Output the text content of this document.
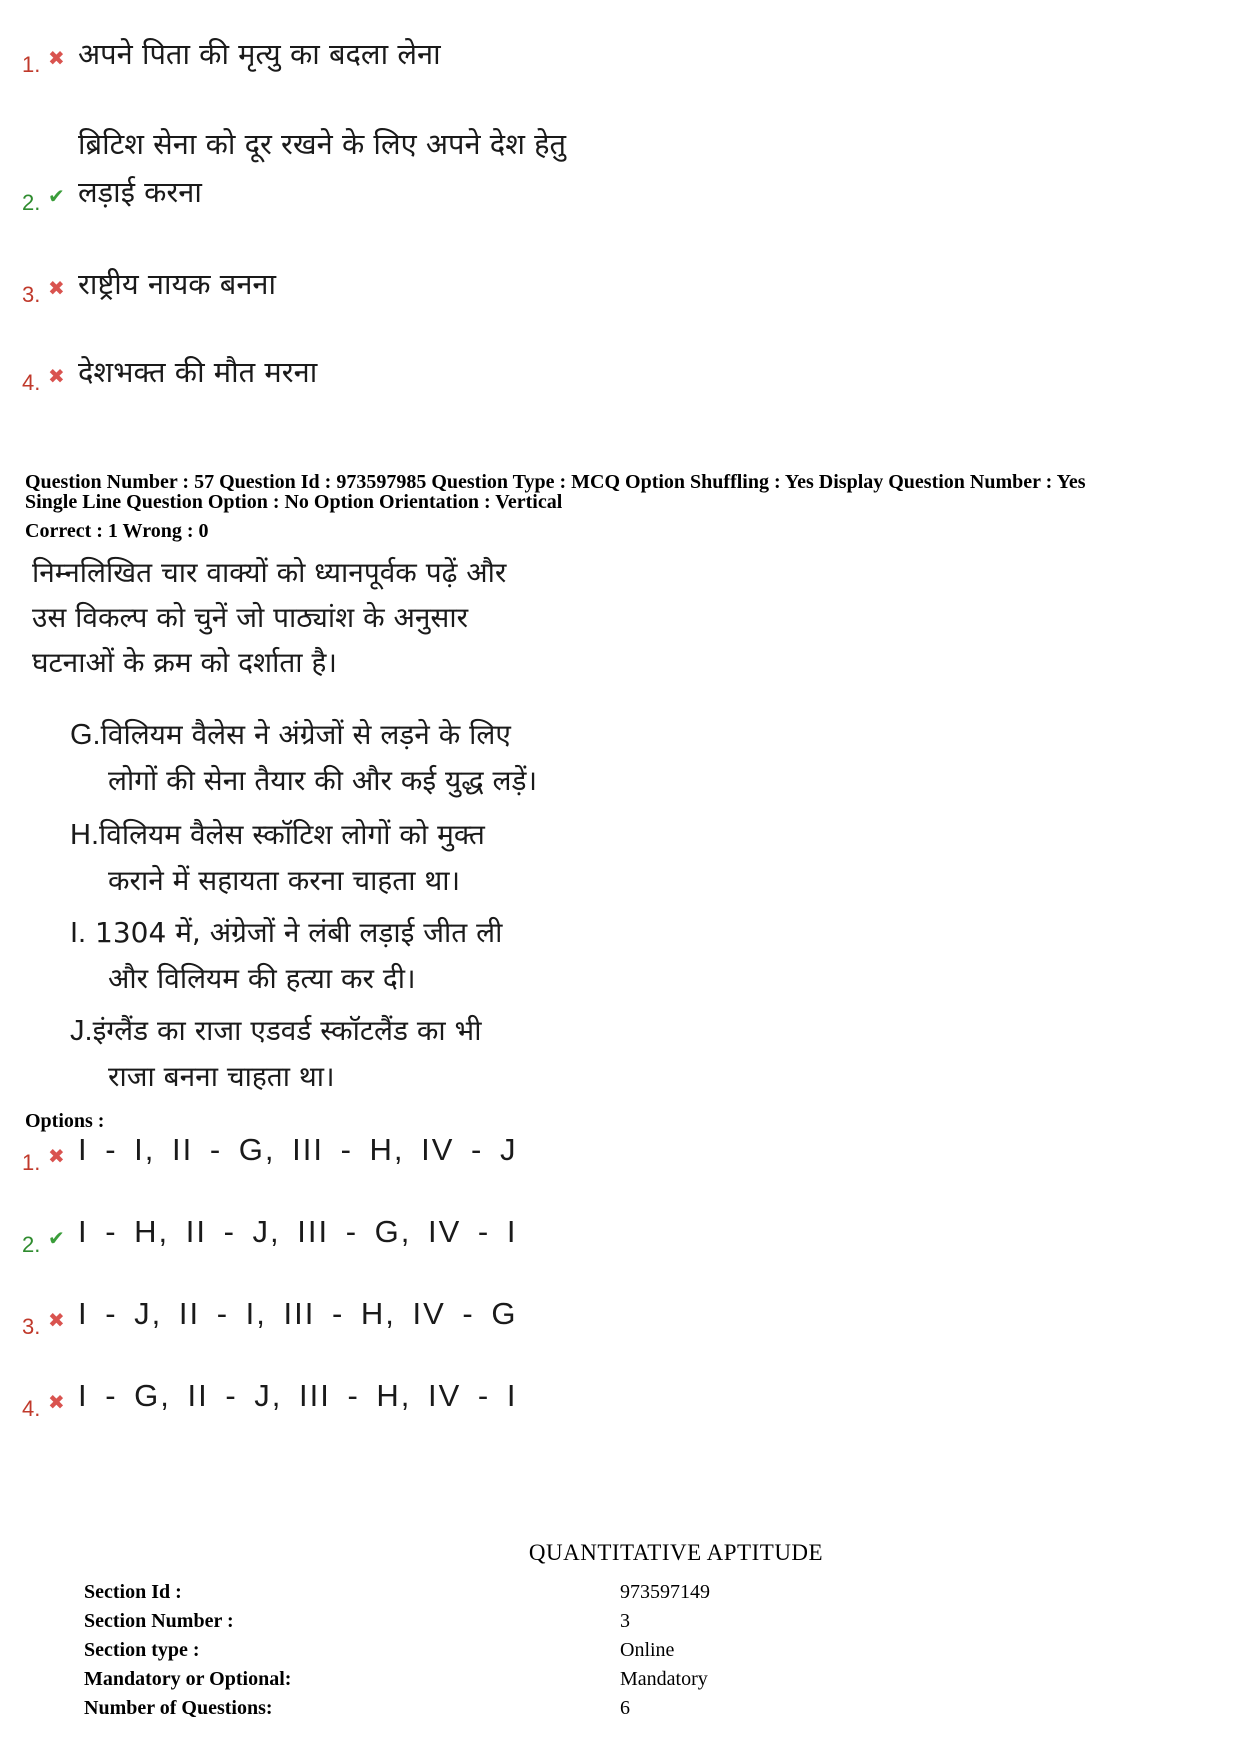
1. ✖ अपने पिता की मृत्यु का बदला लेना
2. ✔
ब्रिटिश सेना को दूर रखने के लिए अपने देश हेतु
लड़ाई करना
3. ✖ राष्ट्रीय नायक बनना
4. ✖ देशभक्त की मौत मरना
Question Number : 57 Question Id : 973597985 Question Type : MCQ Option Shuffling : Yes Display Question Number : Yes
Single Line Question Option : No Option Orientation : Vertical
Correct : 1 Wrong : 0
निम्नलिखित चार वाक्यों को ध्यानपूर्वक पढ़ें और
उस विकल्प को चुनें जो पाठ्यांश के अनुसार
घटनाओं के क्रम को दर्शाता है।
G.विलियम वैलेस ने अंग्रेजों से लड़ने के लिए
लोगों की सेना तैयार की और कई युद्ध लड़ें।
H.विलियम वैलेस स्कॉटिश लोगों को मुक्त
कराने में सहायता करना चाहता था।
I. 1304 में, अंग्रेजों ने लंबी लड़ाई जीत ली
और विलियम की हत्या कर दी।
J.इंग्लैंड का राजा एडवर्ड स्कॉटलैंड का भी
राजा बनना चाहता था।
Options :
1. ✖ I - I, II - G, III - H, IV - J
2. ✔ I - H, II - J, III - G, IV - I
3. ✖ I - J, II - I, III - H, IV - G
4. ✖ I - G, II - J, III - H, IV - I
QUANTITATIVE APTITUDE
Section Id :	973597149
Section Number :	3
Section type :	Online
Mandatory or Optional:	Mandatory
Number of Questions:	6
